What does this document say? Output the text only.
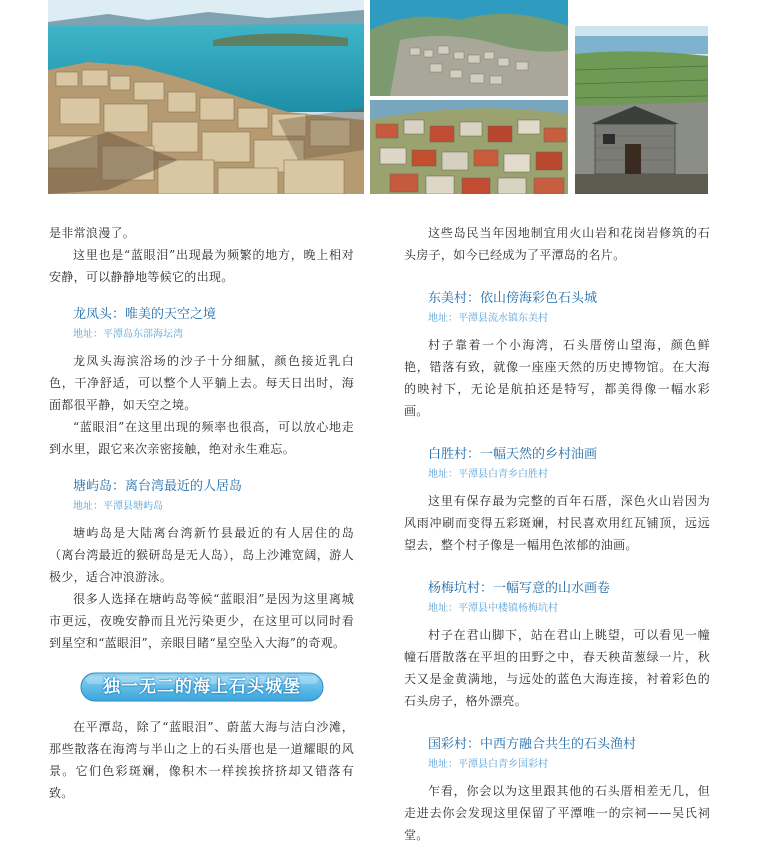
是非常浪漫了。

这里也是“蓝眼泪”出现最为频繁的地方，晚上相对安静，可以静静地等候它的出现。

龙凤头：唯美的天空之境
地址：平潭岛东部海坛湾

龙凤头海滨浴场的沙子十分细腻，颜色接近乳白色，干净舒适，可以整个人平躺上去。每天日出时，海面都很平静，如天空之境。

“蓝眼泪”在这里出现的频率也很高，可以放心地走到水里，跟它来次亲密接触，绝对永生难忘。

塘屿岛：离台湾最近的人居岛
地址：平潭县塘屿岛

塘屿岛是大陆离台湾新竹县最近的有人居住的岛（离台湾最近的猴研岛是无人岛），岛上沙滩宽阔，游人极少，适合冲浪游泳。

很多人选择在塘屿岛等候“蓝眼泪”是因为这里离城市更远，夜晚安静而且光污染更少，在这里可以同时看到星空和“蓝眼泪”，亲眼目睹“星空坠入大海”的奇观。

独一无二的海上石头城堡

在平潭岛，除了“蓝眼泪”、蔚蓝大海与洁白沙滩，那些散落在海湾与半山之上的石头厝也是一道耀眼的风景。它们色彩斑斓，像积木一样挨挨挤挤却又错落有致。

这些岛民当年因地制宜用火山岩和花岗岩修筑的石头房子，如今已经成为了平潭岛的名片。

东美村：依山傍海彩色石头城
地址：平潭县流水镇东美村

村子靠着一个小海湾，石头厝傍山望海，颜色鲜艳，错落有致，就像一座座天然的历史博物馆。在大海的映衬下，无论是航拍还是特写，都美得像一幅水彩画。

白胜村：一幅天然的乡村油画
地址：平潭县白青乡白胜村

这里有保存最为完整的百年石厝，深色火山岩因为风雨冲刷而变得五彩斑斓，村民喜欢用红瓦铺顶，远远望去，整个村子像是一幅用色浓郁的油画。

杨梅坑村：一幅写意的山水画卷
地址：平潭县中楼镇杨梅坑村

村子在君山脚下，站在君山上眺望，可以看见一幢幢石厝散落在平坦的田野之中，春天秧苗葱绿一片，秋天又是金黄满地，与远处的蓝色大海连接，衬着彩色的石头房子，格外漂亮。

国彩村：中西方融合共生的石头渔村
地址：平潭县白青乡国彩村

乍看，你会以为这里跟其他的石头厝相差无几，但走进去你会发现这里保留了平潭唯一的宗祠——吴氏祠堂。
